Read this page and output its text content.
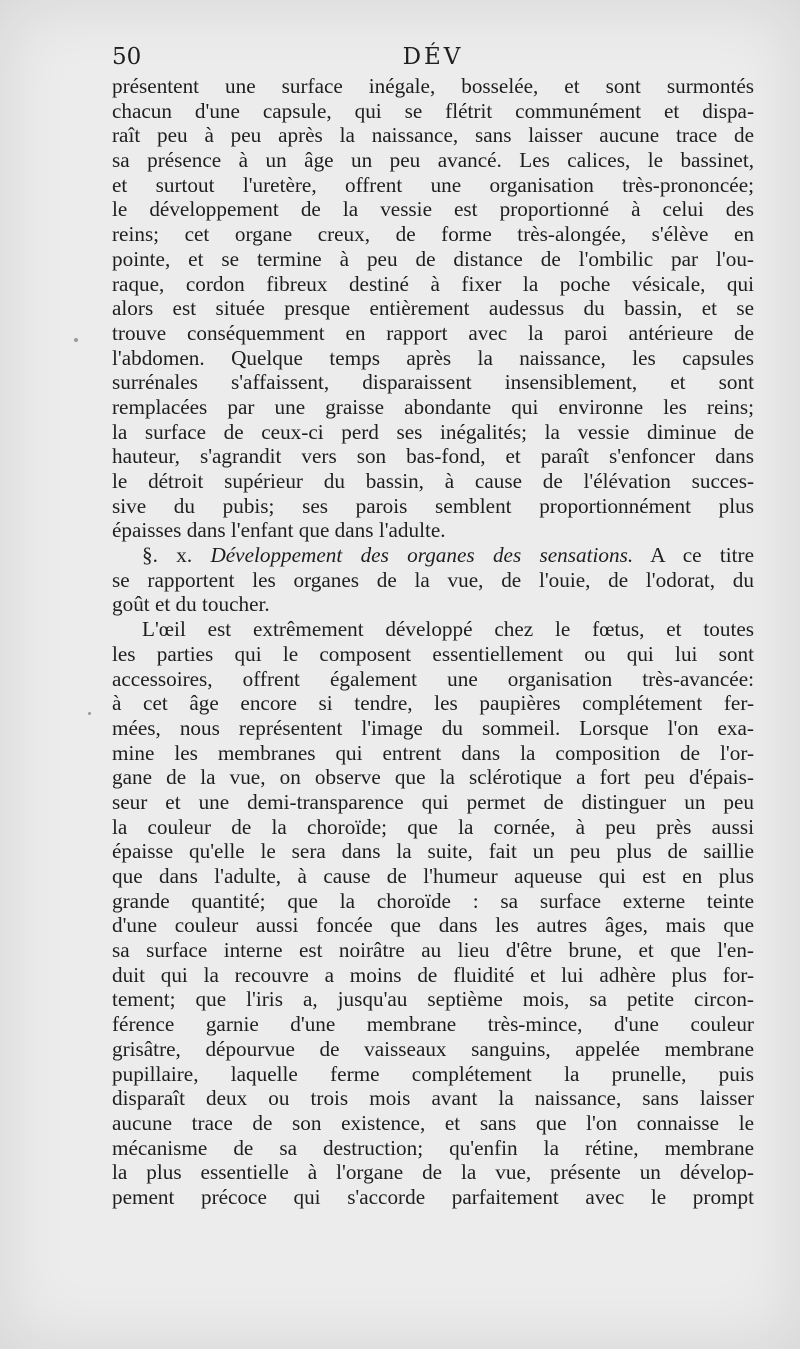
50	DÉV
présentent une surface inégale, bosselée, et sont surmontés
chacun d'une capsule, qui se flétrit communément et dispa-
raît peu à peu après la naissance, sans laisser aucune trace de
sa présence à un âge un peu avancé. Les calices, le bassinet,
et surtout l'uretère, offrent une organisation très-prononcée;
le développement de la vessie est proportionné à celui des
reins; cet organe creux, de forme très-alongée, s'élève en
pointe, et se termine à peu de distance de l'ombilic par l'ou-
raque, cordon fibreux destiné à fixer la poche vésicale, qui
alors est située presque entièrement audessus du bassin, et se
trouve conséquemment en rapport avec la paroi antérieure de
l'abdomen. Quelque temps après la naissance, les capsules
surrénales s'affaissent, disparaissent insensiblement, et sont
remplacées par une graisse abondante qui environne les reins;
la surface de ceux-ci perd ses inégalités; la vessie diminue de
hauteur, s'agrandit vers son bas-fond, et paraît s'enfoncer dans
le détroit supérieur du bassin, à cause de l'élévation succes-
sive du pubis; ses parois semblent proportionnément plus
épaisses dans l'enfant que dans l'adulte.
§. x. Développement des organes des sensations. A ce titre
se rapportent les organes de la vue, de l'ouie, de l'odorat, du
goût et du toucher.
L'œil est extrêmement développé chez le fœtus, et toutes
les parties qui le composent essentiellement ou qui lui sont
accessoires, offrent également une organisation très-avancée:
à cet âge encore si tendre, les paupières complétement fer-
mées, nous représentent l'image du sommeil. Lorsque l'on exa-
mine les membranes qui entrent dans la composition de l'or-
gane de la vue, on observe que la sclérotique a fort peu d'épais-
seur et une demi-transparence qui permet de distinguer un peu
la couleur de la choroïde; que la cornée, à peu près aussi
épaisse qu'elle le sera dans la suite, fait un peu plus de saillie
que dans l'adulte, à cause de l'humeur aqueuse qui est en plus
grande quantité; que la choroïde : sa surface externe teinte
d'une couleur aussi foncée que dans les autres âges, mais que
sa surface interne est noirâtre au lieu d'être brune, et que l'en-
duit qui la recouvre a moins de fluidité et lui adhère plus for-
tement; que l'iris a, jusqu'au septième mois, sa petite circon-
férence garnie d'une membrane très-mince, d'une couleur
grisâtre, dépourvue de vaisseaux sanguins, appelée membrane
pupillaire, laquelle ferme complétement la prunelle, puis
disparaît deux ou trois mois avant la naissance, sans laisser
aucune trace de son existence, et sans que l'on connaisse le
mécanisme de sa destruction; qu'enfin la rétine, membrane
la plus essentielle à l'organe de la vue, présente un dévelop-
pement précoce qui s'accorde parfaitement avec le prompt
